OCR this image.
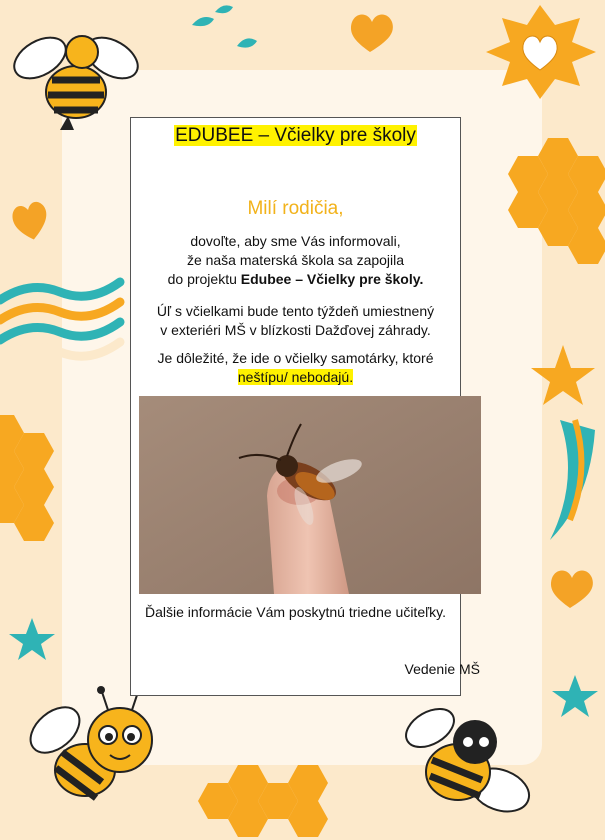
EDUBEE – Včielky pre školy
Milí rodičia,
dovoľte, aby sme Vás informovali,
že naša materská škola sa zapojila
do projektu Edubee – Včielky pre školy.
Úľ s včielkami bude tento týždeň umiestnený
v exteriéri MŠ v blízkosti Dažďovej záhrady.
Je dôležité, že ide o včielky samotárky, ktoré
neštípu/ nebodajú.
Ďalšie informácie Vám poskytnú triedne učiteľky.
Vedenie MŠ
